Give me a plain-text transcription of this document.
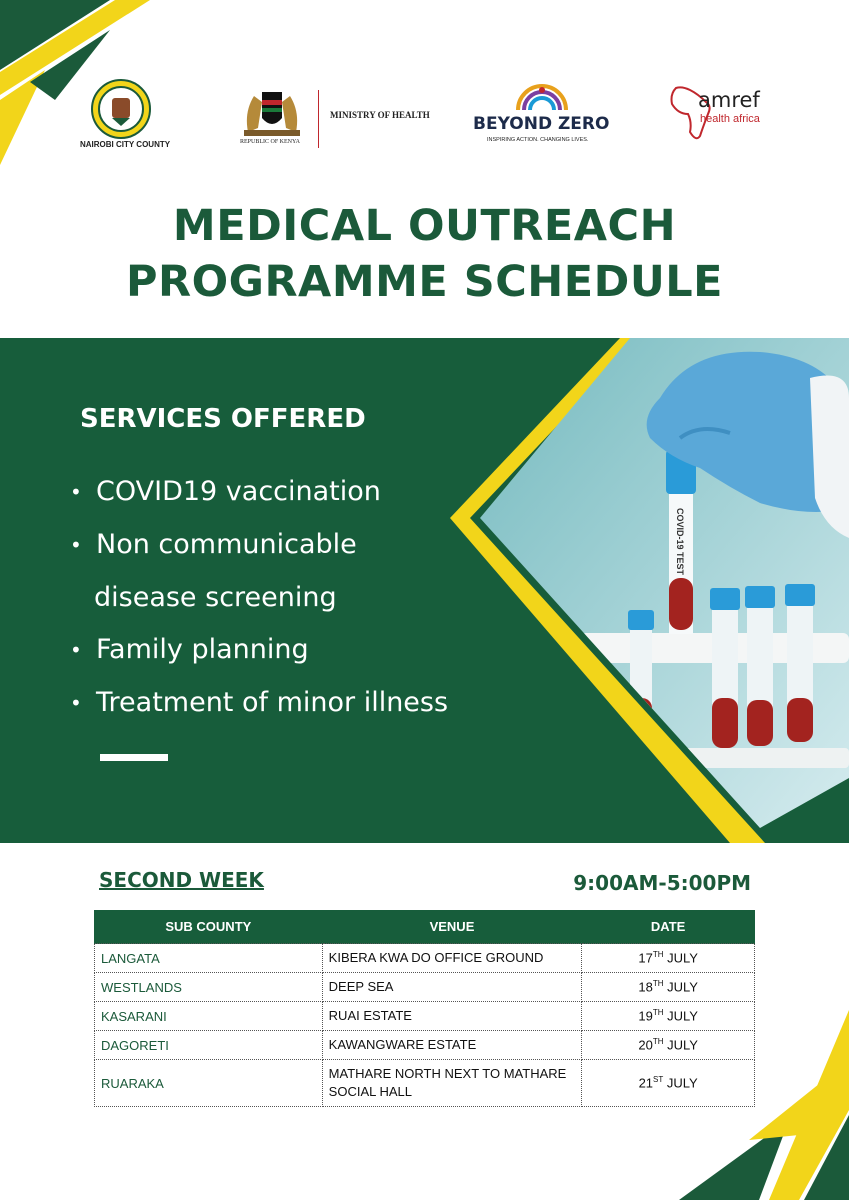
NAIROBI CITY COUNTY	REPUBLIC OF KENYA
MINISTRY OF HEALTH	BEYOND ZERO
INSPIRING ACTION. CHANGING LIVES.
amref
health africa
MEDICAL OUTREACH
PROGRAMME SCHEDULE
SERVICES OFFERED
• COVID19 vaccination
• Non communicable
disease screening
• Family planning
• Treatment of minor illness
COVID-19 TEST
SECOND WEEK	9:00AM-5:00PM
SUB COUNTY	VENUE	DATE
LANGATA	KIBERA KWA DO OFFICE GROUND	17TH JULY
WESTLANDS	DEEP SEA	18TH JULY
KASARANI	RUAI ESTATE	19TH JULY
DAGORETI	KAWANGWARE ESTATE	20TH JULY
RUARAKA	MATHARE NORTH NEXT TO MATHARE SOCIAL HALL	21ST JULY
